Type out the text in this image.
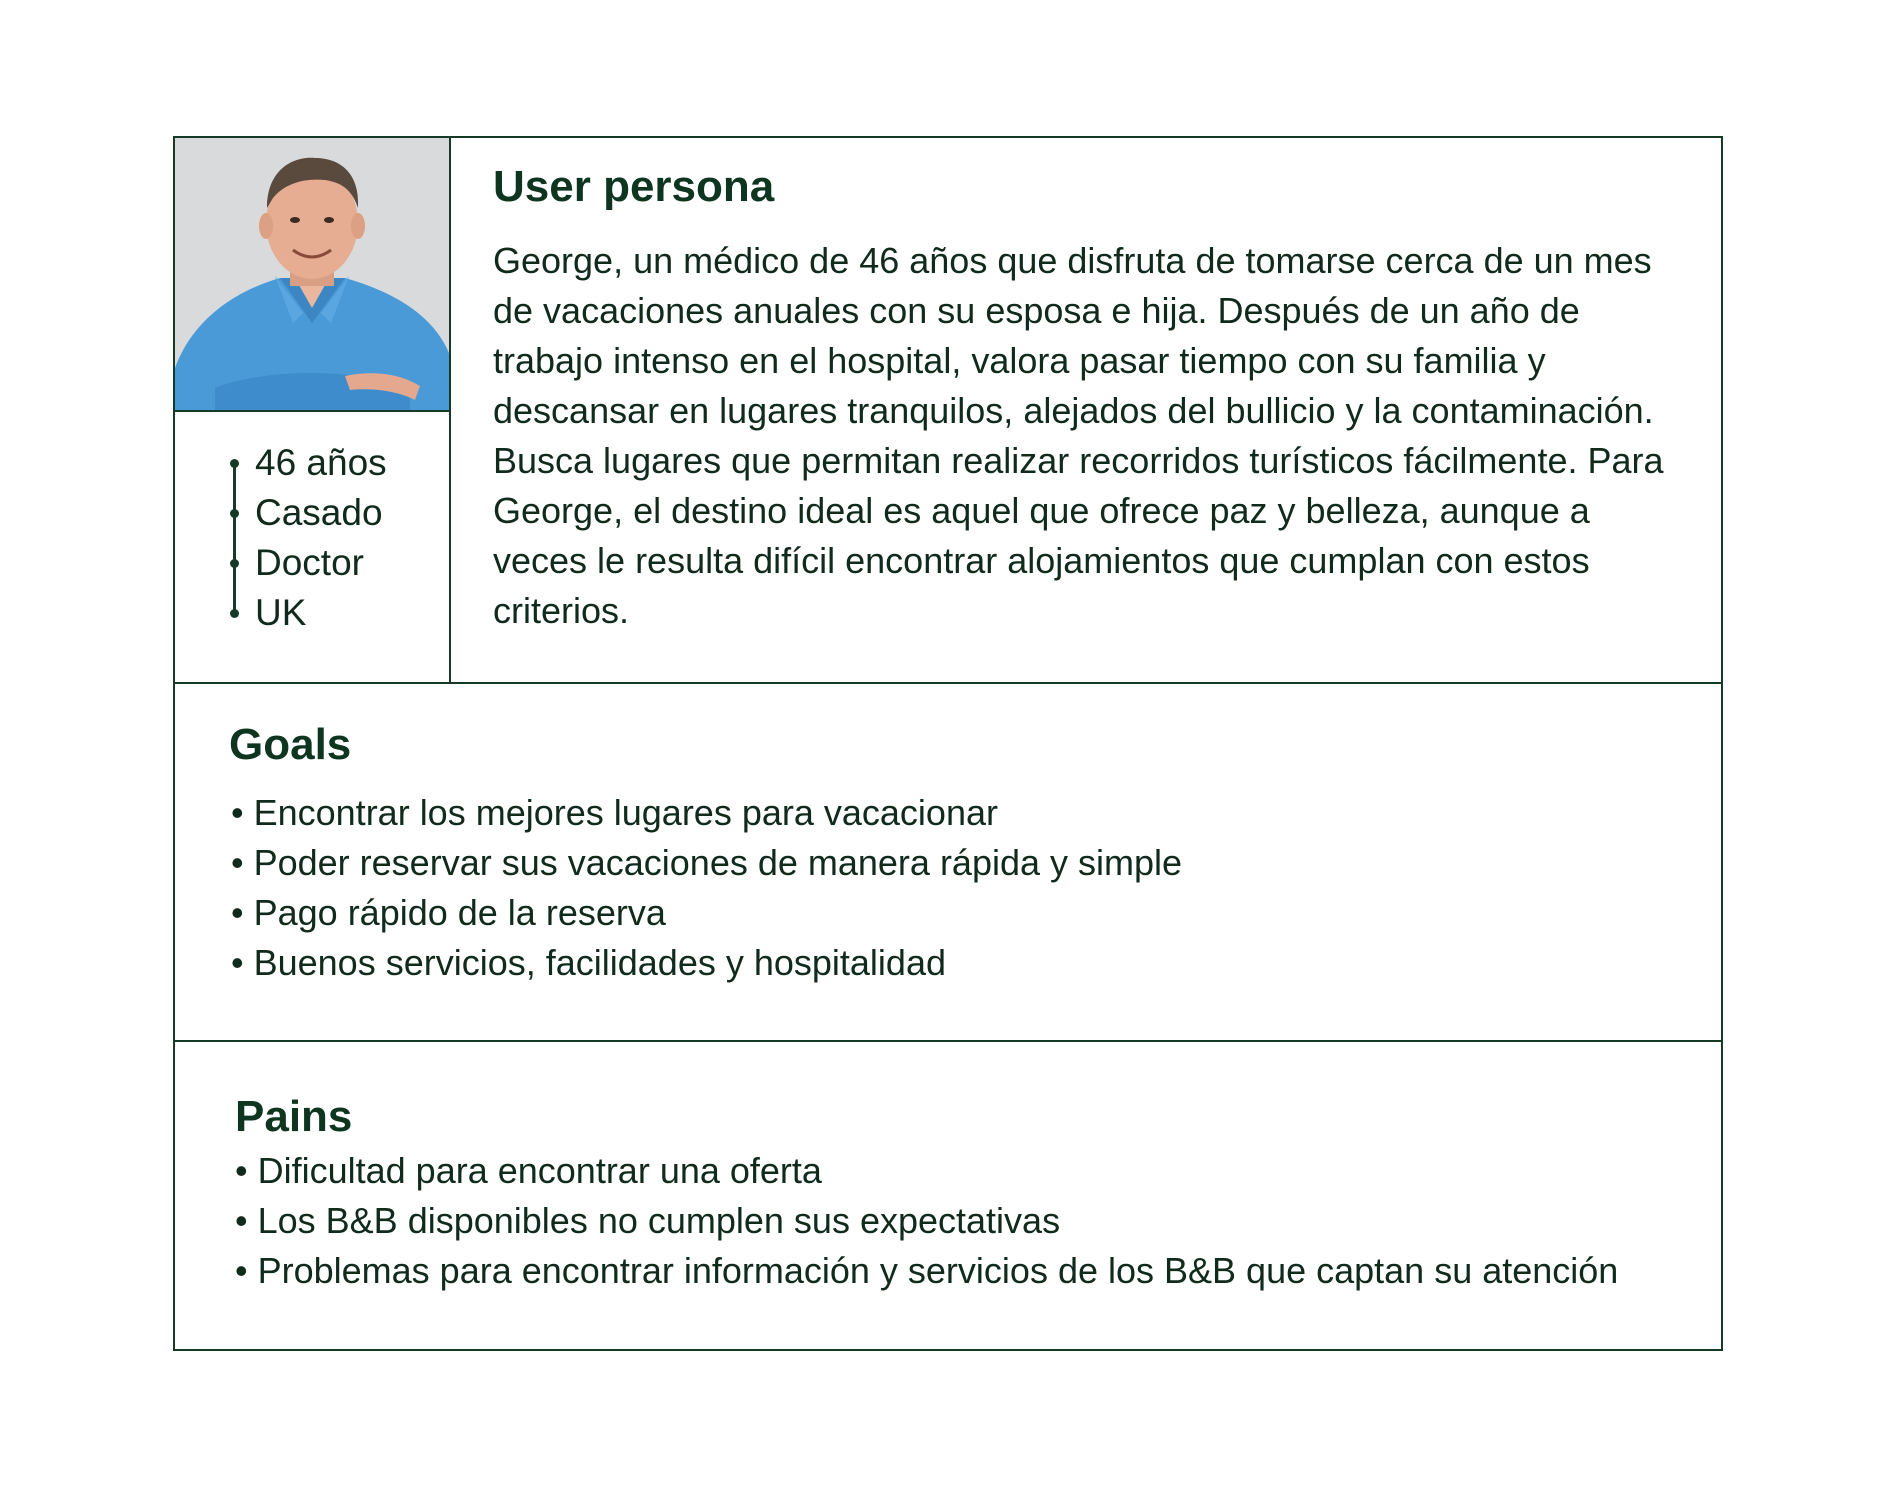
46 años
Casado
Doctor
UK
User persona

George, un médico de 46 años que disfruta de tomarse cerca de un mes de vacaciones anuales con su esposa e hija. Después de un año de trabajo intenso en el hospital, valora pasar tiempo con su familia y descansar en lugares tranquilos, alejados del bullicio y la contaminación. Busca lugares que permitan realizar recorridos turísticos fácilmente. Para George, el destino ideal es aquel que ofrece paz y belleza, aunque a veces le resulta difícil encontrar alojamientos que cumplan con estos criterios.

Goals
• Encontrar los mejores lugares para vacacionar
• Poder reservar sus vacaciones de manera rápida y simple
• Pago rápido de la reserva
• Buenos servicios, facilidades y hospitalidad
Pains
• Dificultad para encontrar una oferta
• Los B&B disponibles no cumplen sus expectativas
• Problemas para encontrar información y servicios de los B&B que captan su atención
